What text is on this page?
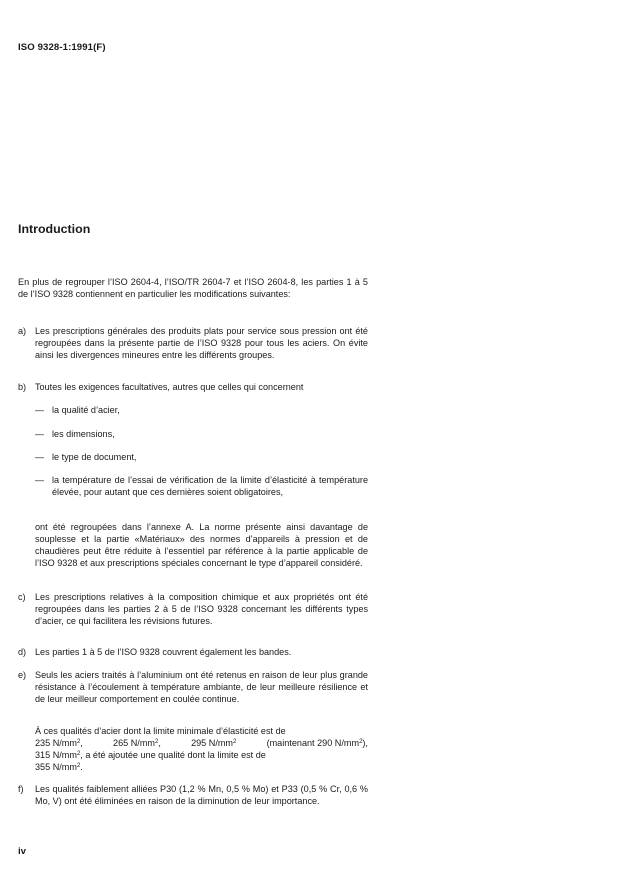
ISO 9328-1:1991(F)
Introduction
En plus de regrouper l’ISO 2604-4, l’ISO/TR 2604-7 et l’ISO 2604-8, les parties 1 à 5 de l’ISO 9328 contiennent en particulier les modifications suivantes:
a) Les prescriptions générales des produits plats pour service sous pression ont été regroupées dans la présente partie de l’ISO 9328 pour tous les aciers. On évite ainsi les divergences mineures entre les différents groupes.
b) Toutes les exigences facultatives, autres que celles qui concernent
— la qualité d’acier,
— les dimensions,
— le type de document,
— la température de l’essai de vérification de la limite d’élasticité à température élevée, pour autant que ces dernières soient obligatoires,
ont été regroupées dans l’annexe A. La norme présente ainsi davantage de souplesse et la partie «Matériaux» des normes d’appareils à pression et de chaudières peut être réduite à l’essentiel par référence à la partie applicable de l’ISO 9328 et aux prescriptions spéciales concernant le type d’appareil considéré.
c) Les prescriptions relatives à la composition chimique et aux propriétés ont été regroupées dans les parties 2 à 5 de l’ISO 9328 concernant les différents types d’acier, ce qui facilitera les révisions futures.
d) Les parties 1 à 5 de l’ISO 9328 couvrent également les bandes.
e) Seuls les aciers traités à l’aluminium ont été retenus en raison de leur plus grande résistance à l’écoulement à température ambiante, de leur meilleure résilience et de leur meilleur comportement en coulée continue.
À ces qualités d’acier dont la limite minimale d’élasticité est de
235 $N/mm^2$,	265 $N/mm^2$,	295 $N/mm^2$	(maintenant 290 $N/mm^2$),
315 $N/mm^2$, a été ajoutée une qualité dont la limite est de
355 $N/mm^2$.
f) Les qualités faiblement alliées P30 (1,2 % Mn, 0,5 % Mo) et P33 (0,5 % Cr, 0,6 % Mo, V) ont été éliminées en raison de la diminution de leur importance.
iv
